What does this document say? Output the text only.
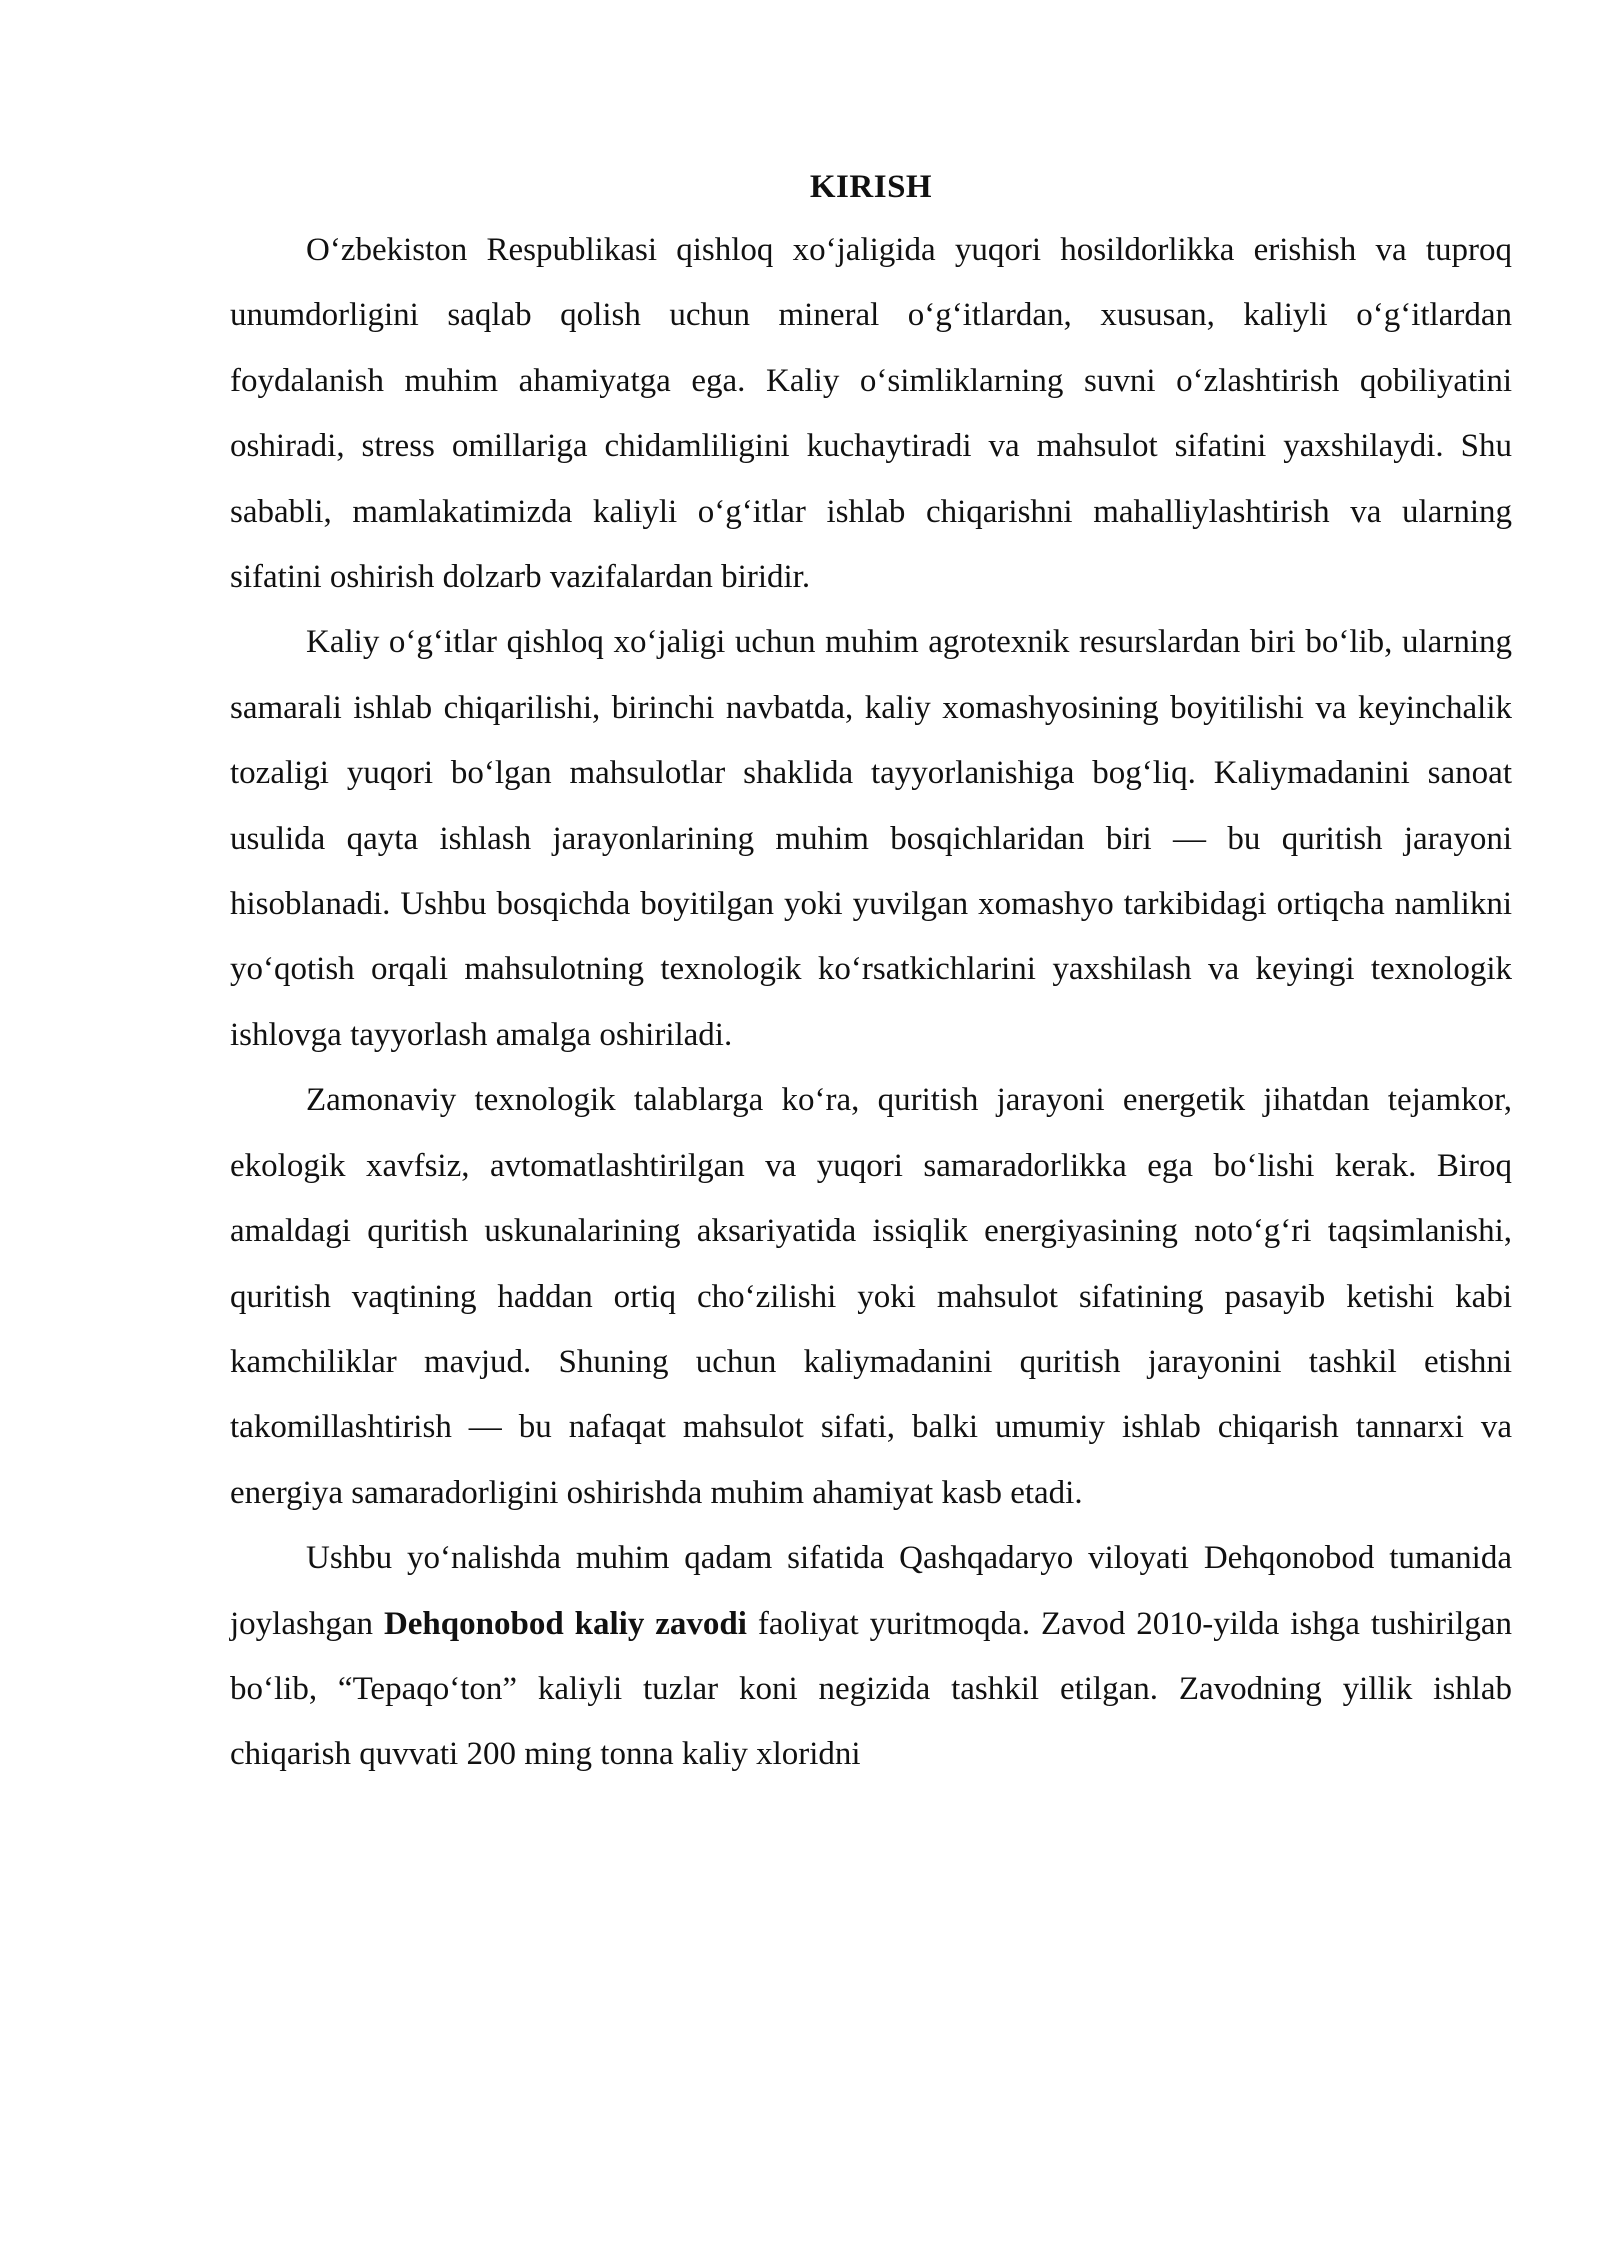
KIRISH

O‘zbekiston Respublikasi qishloq xo‘jaligida yuqori hosildorlikka erishish va tuproq unumdorligini saqlab qolish uchun mineral o‘g‘itlardan, xususan, kaliyli o‘g‘itlardan foydalanish muhim ahamiyatga ega. Kaliy o‘simliklarning suvni o‘zlashtirish qobiliyatini oshiradi, stress omillariga chidamliligini kuchaytiradi va mahsulot sifatini yaxshilaydi. Shu sababli, mamlakatimizda kaliyli o‘g‘itlar ishlab chiqarishni mahalliylashtirish va ularning sifatini oshirish dolzarb vazifalardan biridir.

Kaliy o‘g‘itlar qishloq xo‘jaligi uchun muhim agrotexnik resurslardan biri bo‘lib, ularning samarali ishlab chiqarilishi, birinchi navbatda, kaliy xomashyosining boyitilishi va keyinchalik tozaligi yuqori bo‘lgan mahsulotlar shaklida tayyorlanishiga bog‘liq. Kaliymadanini sanoat usulida qayta ishlash jarayonlarining muhim bosqichlaridan biri — bu quritish jarayoni hisoblanadi. Ushbu bosqichda boyitilgan yoki yuvilgan xomashyo tarkibidagi ortiqcha namlikni yo‘qotish orqali mahsulotning texnologik ko‘rsatkichlarini yaxshilash va keyingi texnologik ishlovga tayyorlash amalga oshiriladi.

Zamonaviy texnologik talablarga ko‘ra, quritish jarayoni energetik jihatdan tejamkor, ekologik xavfsiz, avtomatlashtirilgan va yuqori samaradorlikka ega bo‘lishi kerak. Biroq amaldagi quritish uskunalarining aksariyatida issiqlik energiyasining noto‘g‘ri taqsimlanishi, quritish vaqtining haddan ortiq cho‘zilishi yoki mahsulot sifatining pasayib ketishi kabi kamchiliklar mavjud. Shuning uchun kaliymadanini quritish jarayonini tashkil etishni takomillashtirish — bu nafaqat mahsulot sifati, balki umumiy ishlab chiqarish tannarxi va energiya samaradorligini oshirishda muhim ahamiyat kasb etadi.

Ushbu yo‘nalishda muhim qadam sifatida Qashqadaryo viloyati Dehqonobod tumanida joylashgan Dehqonobod kaliy zavodi faoliyat yuritmoqda. Zavod 2010-yilda ishga tushirilgan bo‘lib, “Tepaqo‘ton” kaliyli tuzlar koni negizida tashkil etilgan. Zavodning yillik ishlab chiqarish quvvati 200 ming tonna kaliy xloridni
